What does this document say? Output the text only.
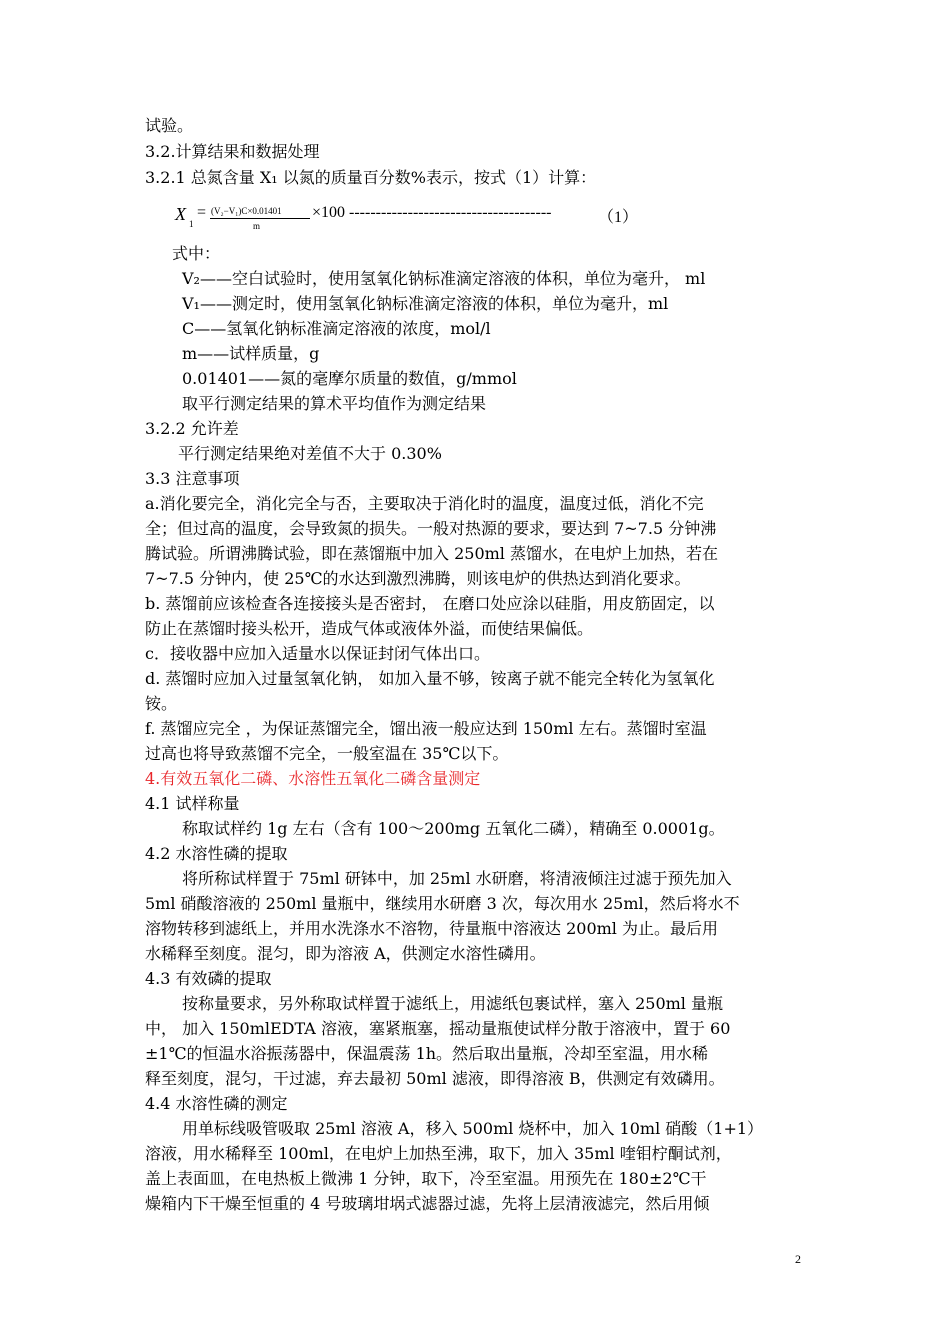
试验。
3.2.计算结果和数据处理
3.2.1 总氮含量 X₁ 以氮的质量百分数%表示，按式（1）计算：
X 1
= (V₂−V₁)C×0.01401
m
×100 --------------------------------------	（1）
式中：
V₂——空白试验时，使用氢氧化钠标准滴定溶液的体积，单位为毫升， ml
V₁——测定时，使用氢氧化钠标准滴定溶液的体积，单位为毫升，ml
C——氢氧化钠标准滴定溶液的浓度，mol/l
m——试样质量，g
0.01401——氮的毫摩尔质量的数值，g/mmol
取平行测定结果的算术平均值作为测定结果
3.2.2 允许差
平行测定结果绝对差值不大于 0.30%
3.3 注意事项
a.消化要完全，消化完全与否，主要取决于消化时的温度，温度过低，消化不完
全；但过高的温度，会导致氮的损失。一般对热源的要求，要达到 7~7.5 分钟沸
腾试验。所谓沸腾试验，即在蒸馏瓶中加入 250ml 蒸馏水，在电炉上加热，若在
7~7.5 分钟内，使 25℃的水达到激烈沸腾，则该电炉的供热达到消化要求。
b. 蒸馏前应该检查各连接接头是否密封， 在磨口处应涂以硅脂，用皮筋固定，以
防止在蒸馏时接头松开，造成气体或液体外溢，而使结果偏低。
c．接收器中应加入适量水以保证封闭气体出口。
d. 蒸馏时应加入过量氢氧化钠， 如加入量不够，铵离子就不能完全转化为氢氧化
铵。
f. 蒸馏应完全 ，为保证蒸馏完全，馏出液一般应达到 150ml 左右。蒸馏时室温
过高也将导致蒸馏不完全，一般室温在 35℃以下。
4.有效五氧化二磷、水溶性五氧化二磷含量测定
4.1 试样称量
称取试样约 1g 左右（含有 100～200mg 五氧化二磷），精确至 0.0001g。
4.2 水溶性磷的提取
将所称试样置于 75ml 研钵中，加 25ml 水研磨，将清液倾注过滤于预先加入
5ml 硝酸溶液的 250ml 量瓶中，继续用水研磨 3 次，每次用水 25ml，然后将水不
溶物转移到滤纸上，并用水洗涤水不溶物，待量瓶中溶液达 200ml 为止。最后用
水稀释至刻度。混匀，即为溶液 A，供测定水溶性磷用。
4.3 有效磷的提取
按称量要求，另外称取试样置于滤纸上，用滤纸包裹试样，塞入 250ml 量瓶
中， 加入 150mlEDTA 溶液，塞紧瓶塞，摇动量瓶使试样分散于溶液中，置于 60
±1℃的恒温水浴振荡器中，保温震荡 1h。然后取出量瓶，冷却至室温，用水稀
释至刻度，混匀，干过滤，弃去最初 50ml 滤液，即得溶液 B，供测定有效磷用。
4.4 水溶性磷的测定
用单标线吸管吸取 25ml 溶液 A，移入 500ml 烧杯中，加入 10ml 硝酸（1+1）
溶液，用水稀释至 100ml，在电炉上加热至沸，取下，加入 35ml 喹钼柠酮试剂，
盖上表面皿，在电热板上微沸 1 分钟，取下，冷至室温。用预先在 180±2℃干
燥箱内下干燥至恒重的 4 号玻璃坩埚式滤器过滤，先将上层清液滤完，然后用倾
2
